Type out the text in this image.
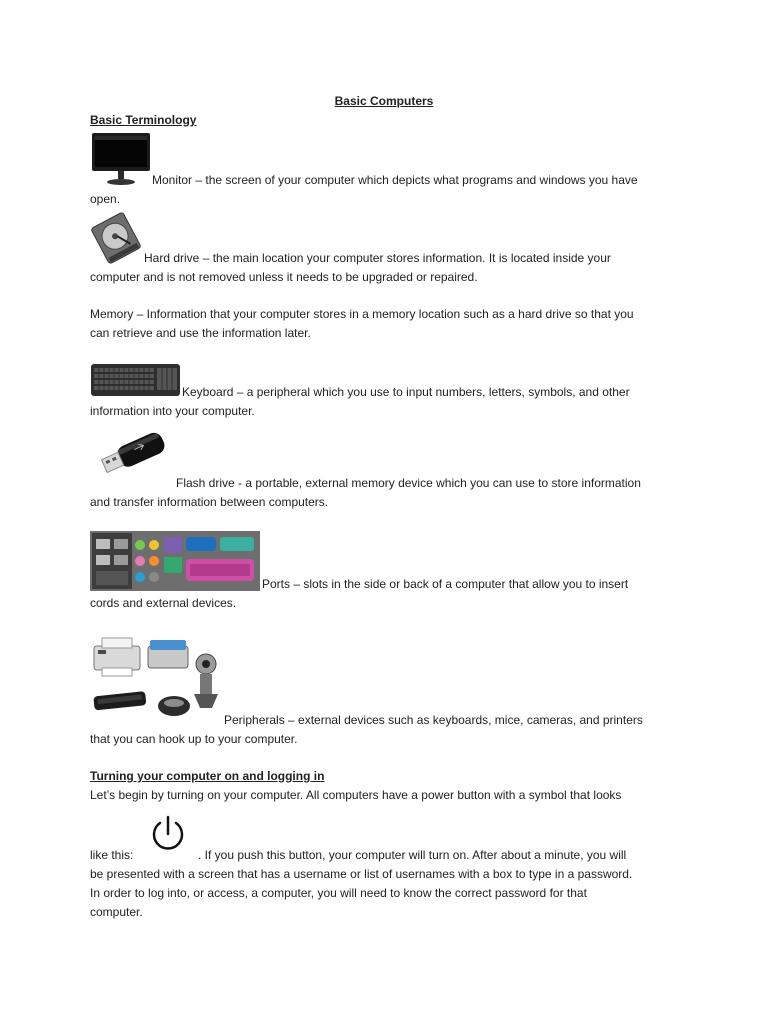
Basic Computers
Basic Terminology
Monitor – the screen of your computer which depicts what programs and windows you have
open.
Hard drive – the main location your computer stores information. It is located inside your
computer and is not removed unless it needs to be upgraded or repaired.
Memory – Information that your computer stores in a memory location such as a hard drive so that you
can retrieve and use the information later.
Keyboard – a peripheral which you use to input numbers, letters, symbols, and other
information into your computer.
Flash drive - a portable, external memory device which you can use to store information
and transfer information between computers.
Ports – slots in the side or back of a computer that allow you to insert
cords and external devices.
Peripherals – external devices such as keyboards, mice, cameras, and printers
that you can hook up to your computer.
Turning your computer on and logging in
Let’s begin by turning on your computer. All computers have a power button with a symbol that looks
like this:	. If you push this button, your computer will turn on. After about a minute, you will
be presented with a screen that has a username or list of usernames with a box to type in a password.
In order to log into, or access, a computer, you will need to know the correct password for that
computer.
